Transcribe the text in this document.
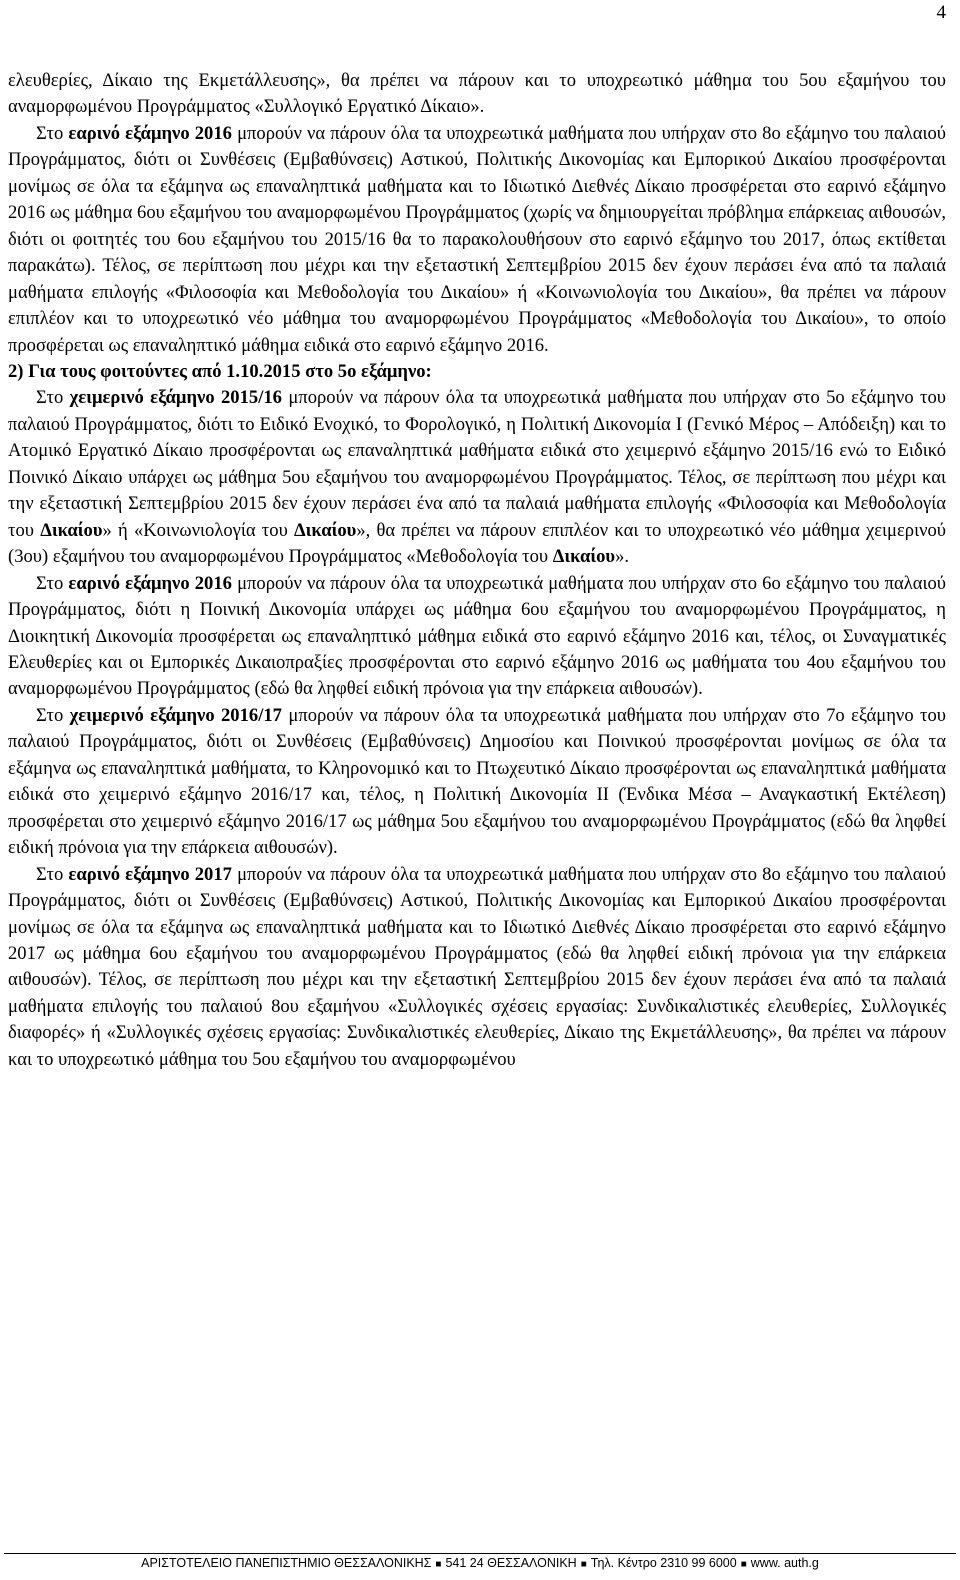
4

ελευθερίες, Δίκαιο της Εκμετάλλευσης», θα πρέπει να πάρουν και το υποχρεωτικό μάθημα του 5ου εξαμήνου του αναμορφωμένου Προγράμματος «Συλλογικό Εργατικό Δίκαιο».

Στο εαρινό εξάμηνο 2016 μπορούν να πάρουν όλα τα υποχρεωτικά μαθήματα που υπήρχαν στο 8ο εξάμηνο του παλαιού Προγράμματος, διότι οι Συνθέσεις (Εμβαθύνσεις) Αστικού, Πολιτικής Δικονομίας και Εμπορικού Δικαίου προσφέρονται μονίμως σε όλα τα εξάμηνα ως επαναληπτικά μαθήματα και το Ιδιωτικό Διεθνές Δίκαιο προσφέρεται στο εαρινό εξάμηνο 2016 ως μάθημα 6ου εξαμήνου του αναμορφωμένου Προγράμματος (χωρίς να δημιουργείται πρόβλημα επάρκειας αιθουσών, διότι οι φοιτητές του 6ου εξαμήνου του 2015/16 θα το παρακολουθήσουν στο εαρινό εξάμηνο του 2017, όπως εκτίθεται παρακάτω). Τέλος, σε περίπτωση που μέχρι και την εξεταστική Σεπτεμβρίου 2015 δεν έχουν περάσει ένα από τα παλαιά μαθήματα επιλογής «Φιλοσοφία και Μεθοδολογία του Δικαίου» ή «Κοινωνιολογία του Δικαίου», θα πρέπει να πάρουν επιπλέον και το υποχρεωτικό νέο μάθημα του αναμορφωμένου Προγράμματος «Μεθοδολογία του Δικαίου», το οποίο προσφέρεται ως επαναληπτικό μάθημα ειδικά στο εαρινό εξάμηνο 2016.

2) Για τους φοιτούντες από 1.10.2015 στο 5ο εξάμηνο:

Στο χειμερινό εξάμηνο 2015/16 μπορούν να πάρουν όλα τα υποχρεωτικά μαθήματα που υπήρχαν στο 5ο εξάμηνο του παλαιού Προγράμματος, διότι το Ειδικό Ενοχικό, το Φορολογικό, η Πολιτική Δικονομία Ι (Γενικό Μέρος – Απόδειξη) και το Ατομικό Εργατικό Δίκαιο προσφέρονται ως επαναληπτικά μαθήματα ειδικά στο χειμερινό εξάμηνο 2015/16 ενώ το Ειδικό Ποινικό Δίκαιο υπάρχει ως μάθημα 5ου εξαμήνου του αναμορφωμένου Προγράμματος. Τέλος, σε περίπτωση που μέχρι και την εξεταστική Σεπτεμβρίου 2015 δεν έχουν περάσει ένα από τα παλαιά μαθήματα επιλογής «Φιλοσοφία και Μεθοδολογία του Δικαίου» ή «Κοινωνιολογία του Δικαίου», θα πρέπει να πάρουν επιπλέον και το υποχρεωτικό νέο μάθημα χειμερινού (3ου) εξαμήνου του αναμορφωμένου Προγράμματος «Μεθοδολογία του Δικαίου».

Στο εαρινό εξάμηνο 2016 μπορούν να πάρουν όλα τα υποχρεωτικά μαθήματα που υπήρχαν στο 6ο εξάμηνο του παλαιού Προγράμματος, διότι η Ποινική Δικονομία υπάρχει ως μάθημα 6ου εξαμήνου του αναμορφωμένου Προγράμματος, η Διοικητική Δικονομία προσφέρεται ως επαναληπτικό μάθημα ειδικά στο εαρινό εξάμηνο 2016 και, τέλος, οι Συναγματικές Ελευθερίες και οι Εμπορικές Δικαιοπραξίες προσφέρονται στο εαρινό εξάμηνο 2016 ως μαθήματα του 4ου εξαμήνου του αναμορφωμένου Προγράμματος (εδώ θα ληφθεί ειδική πρόνοια για την επάρκεια αιθουσών).

Στο χειμερινό εξάμηνο 2016/17 μπορούν να πάρουν όλα τα υποχρεωτικά μαθήματα που υπήρχαν στο 7ο εξάμηνο του παλαιού Προγράμματος, διότι οι Συνθέσεις (Εμβαθύνσεις) Δημοσίου και Ποινικού προσφέρονται μονίμως σε όλα τα εξάμηνα ως επαναληπτικά μαθήματα, το Κληρονομικό και το Πτωχευτικό Δίκαιο προσφέρονται ως επαναληπτικά μαθήματα ειδικά στο χειμερινό εξάμηνο 2016/17 και, τέλος, η Πολιτική Δικονομία ΙΙ (Ένδικα Μέσα – Αναγκαστική Εκτέλεση) προσφέρεται στο χειμερινό εξάμηνο 2016/17 ως μάθημα 5ου εξαμήνου του αναμορφωμένου Προγράμματος (εδώ θα ληφθεί ειδική πρόνοια για την επάρκεια αιθουσών).

Στο εαρινό εξάμηνο 2017 μπορούν να πάρουν όλα τα υποχρεωτικά μαθήματα που υπήρχαν στο 8ο εξάμηνο του παλαιού Προγράμματος, διότι οι Συνθέσεις (Εμβαθύνσεις) Αστικού, Πολιτικής Δικονομίας και Εμπορικού Δικαίου προσφέρονται μονίμως σε όλα τα εξάμηνα ως επαναληπτικά μαθήματα και το Ιδιωτικό Διεθνές Δίκαιο προσφέρεται στο εαρινό εξάμηνο 2017 ως μάθημα 6ου εξαμήνου του αναμορφωμένου Προγράμματος (εδώ θα ληφθεί ειδική πρόνοια για την επάρκεια αιθουσών). Τέλος, σε περίπτωση που μέχρι και την εξεταστική Σεπτεμβρίου 2015 δεν έχουν περάσει ένα από τα παλαιά μαθήματα επιλογής του παλαιού 8ου εξαμήνου «Συλλογικές σχέσεις εργασίας: Συνδικαλιστικές ελευθερίες, Συλλογικές διαφορές» ή «Συλλογικές σχέσεις εργασίας: Συνδικαλιστικές ελευθερίες, Δίκαιο της Εκμετάλλευσης», θα πρέπει να πάρουν και το υποχρεωτικό μάθημα του 5ου εξαμήνου του αναμορφωμένου

ΑΡΙΣΤΟΤΕΛΕΙΟ ΠΑΝΕΠΙΣΤΗΜΙΟ ΘΕΣΣΑΛΟΝΙΚΗΣ ■ 541 24 ΘΕΣΣΑΛΟΝΙΚΗ ■ Τηλ. Κέντρο 2310 99 6000 ■ www. auth.g
